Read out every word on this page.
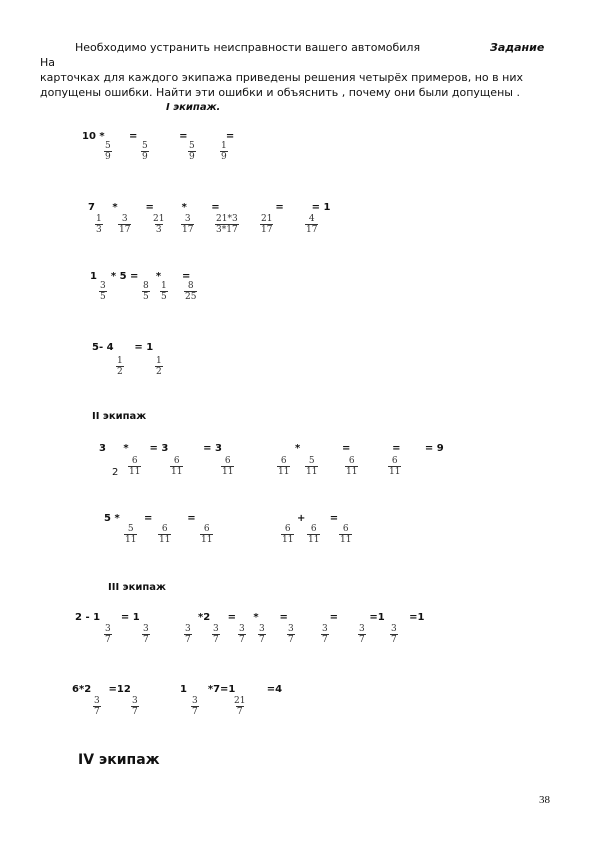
Необходимо устранить неисправности вашего автомобиля	Задание На
карточках для каждого экипажа приведены решения четырёх примеров, но в них
допущены ошибки. Найти эти ошибки и объяснить , почему они были допущены .
I экипаж.
10 *       =            =           =
5
9
5
9
5
9
1
9
7     *        =        *       =                =        = 1
1
3
3
17
21
3
3
17
21*3
3*17
21
17
4
17
1    * 5 =     *      =
3
5
8
5
1
5
8
25
5- 4      = 1
1
2
1
2
II экипаж
3     *      = 3          = 3
2
6
11
6
11
6
11
*            =            =       = 9
6
11
5
11
6
11
6
11
5 *       =          =
5
11
6
11
6
11
+       =
6
11
6
11
6
11
III экипаж
2 - 1      = 1
3
7
3
7
*2     =     *      =            =         =1       =1
3
7
3
7
3
7
3
7
3
7
3
7
3
7
3
7
6*2     =12
3
7
3
7
1      *7=1         =4
3
7
21
7
IV экипаж
38
